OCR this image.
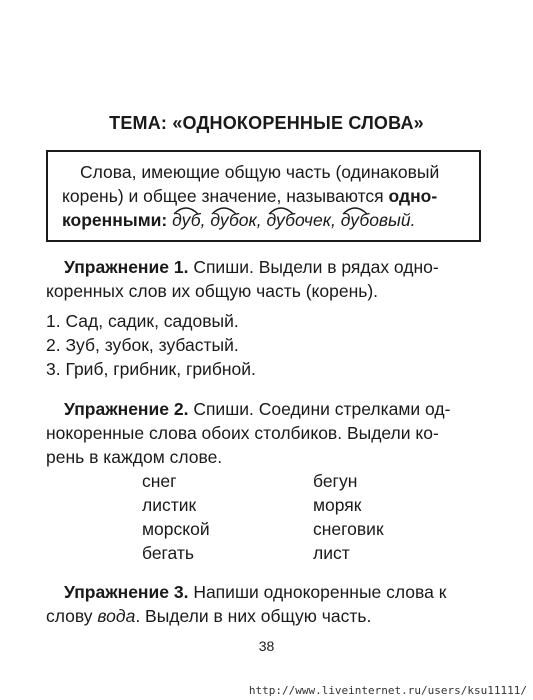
ТЕМА: «ОДНОКОРЕННЫЕ СЛОВА»
Слова, имеющие общую часть (одинаковый
корень) и общее значение, называются одно-
коренными: дуб,
дубок,
дубочек,
дубовый.
Упражнение 1. Спиши. Выдели в рядах одно-
коренных слов их общую часть (корень).
1. Сад, садик, садовый.
2. Зуб, зубок, зубастый.
3. Гриб, грибник, грибной.
Упражнение 2. Спиши. Соедини стрелками од-
нокоренные слова обоих столбиков. Выдели ко-
рень в каждом слове.
снег
листик
морской
бегать
бегун
моряк
снеговик
лист
Упражнение 3. Напиши однокоренные слова к
слову вода. Выдели в них общую часть.
38
http://www.liveinternet.ru/users/ksu11111/
